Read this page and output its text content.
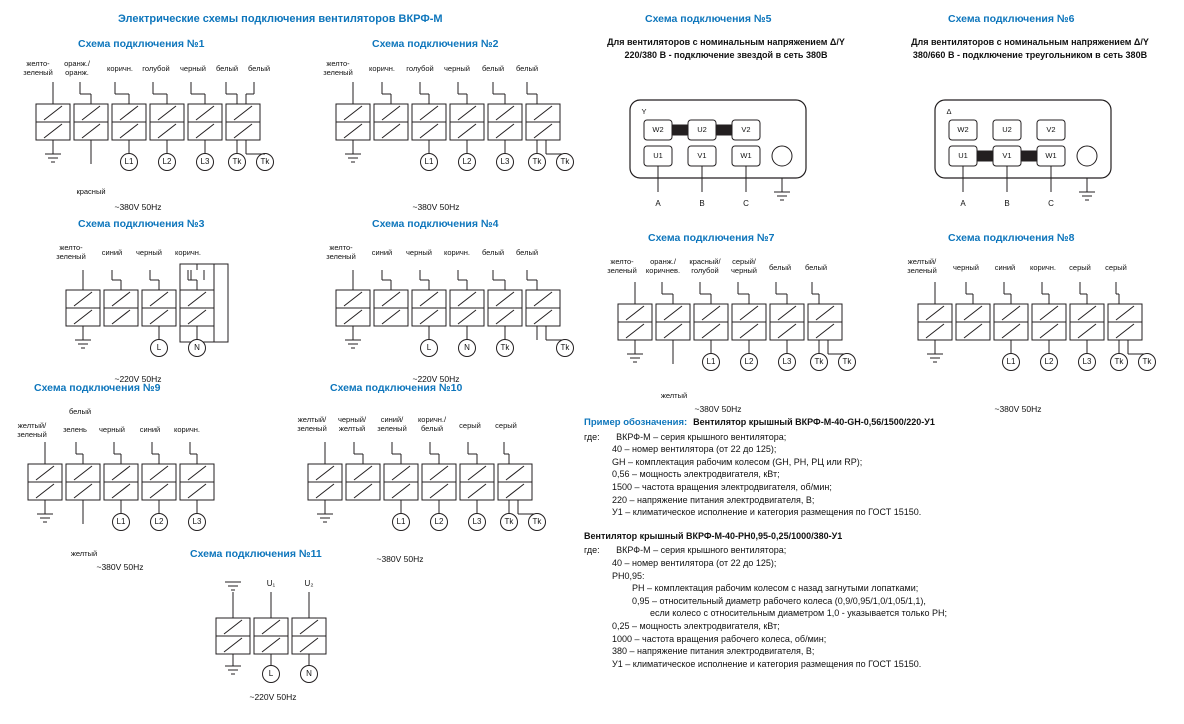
Электрические схемы подключения вентиляторов ВКРФ-М
Схема подключения №1
желто-
зеленый
оранж./
оранж.	коричн.	голубой	черный	белый	белый
L1	L2	L3	Tk Tk
красный
~380V 50Hz
Схема подключения №2
желто-
зеленый	коричн.	голубой	черный	белый	белый
L1	L2	L3	Tk Tk
~380V 50Hz
Схема подключения №3
желто-
зеленый	синий	черный	коричн.
L	N
~220V 50Hz
Схема подключения №4
желто-
зеленый	синий	черный	коричн.	белый	белый
L	N	Tk	Tk
~220V 50Hz
Схема подключения №5
Для вентиляторов с номинальным напряжением Δ/Y 220/380 В - подключение звездой в сеть 380В
Y
W2	U2	V2
U1	V1	W1
A	B	C
Схема подключения №6
Для вентиляторов с номинальным напряжением Δ/Y 380/660 В - подключение треугольником в сеть 380В
Δ
W2	U2	V2
U1	V1	W1
A	B	C
Схема подключения №7
желто-
зеленый
оранж./
коричнев.
красный/
голубой
серый/
черный	белый	белый
L1	L2	L3	Tk Tk
желтый
~380V 50Hz
Схема подключения №8
желтый/
зеленый	черный	синий	коричн.	серый	серый
L1	L2	L3	Tk Tk
~380V 50Hz
Схема подключения №9
белый
желтый/
зеленый	зелень	черный	синий	коричн.
L1	L2	L3
желтый
~380V 50Hz
Схема подключения №10
желтый/
зеленый
черный/
желтый
синий/
зеленый
коричн./
белый	серый	серый
L1	L2	L3	Tk Tk
~380V 50Hz
Схема подключения №11
U₁	U₂
L	N
~220V 50Hz
Пример обозначения: Вентилятор крышный ВКРФ-М-40-GH-0,56/1500/220-У1
где: ВКРФ-М – серия крышного вентилятора;
40 – номер вентилятора (от 22 до 125);
GH – комплектация рабочим колесом (GH, PH, РЦ или RP);
0,56 – мощность электродвигателя, кВт;
1500 – частота вращения электродвигателя, об/мин;
220 – напряжение питания электродвигателя, В;
У1 – климатическое исполнение и категория размещения по ГОСТ 15150.
Вентилятор крышный ВКРФ-М-40-PH0,95-0,25/1000/380-У1
где: ВКРФ-М – серия крышного вентилятора;
40 – номер вентилятора (от 22 до 125);
PH0,95:
PH – комплектация рабочим колесом с назад загнутыми лопатками;
0,95 – относительный диаметр рабочего колеса (0,9/0,95/1,0/1,05/1,1),
если колесо с относительным диаметром 1,0 - указывается только PH;
0,25 – мощность электродвигателя, кВт;
1000 – частота вращения рабочего колеса, об/мин;
380 – напряжение питания электродвигателя, В;
У1 – климатическое исполнение и категория размещения по ГОСТ 15150.
